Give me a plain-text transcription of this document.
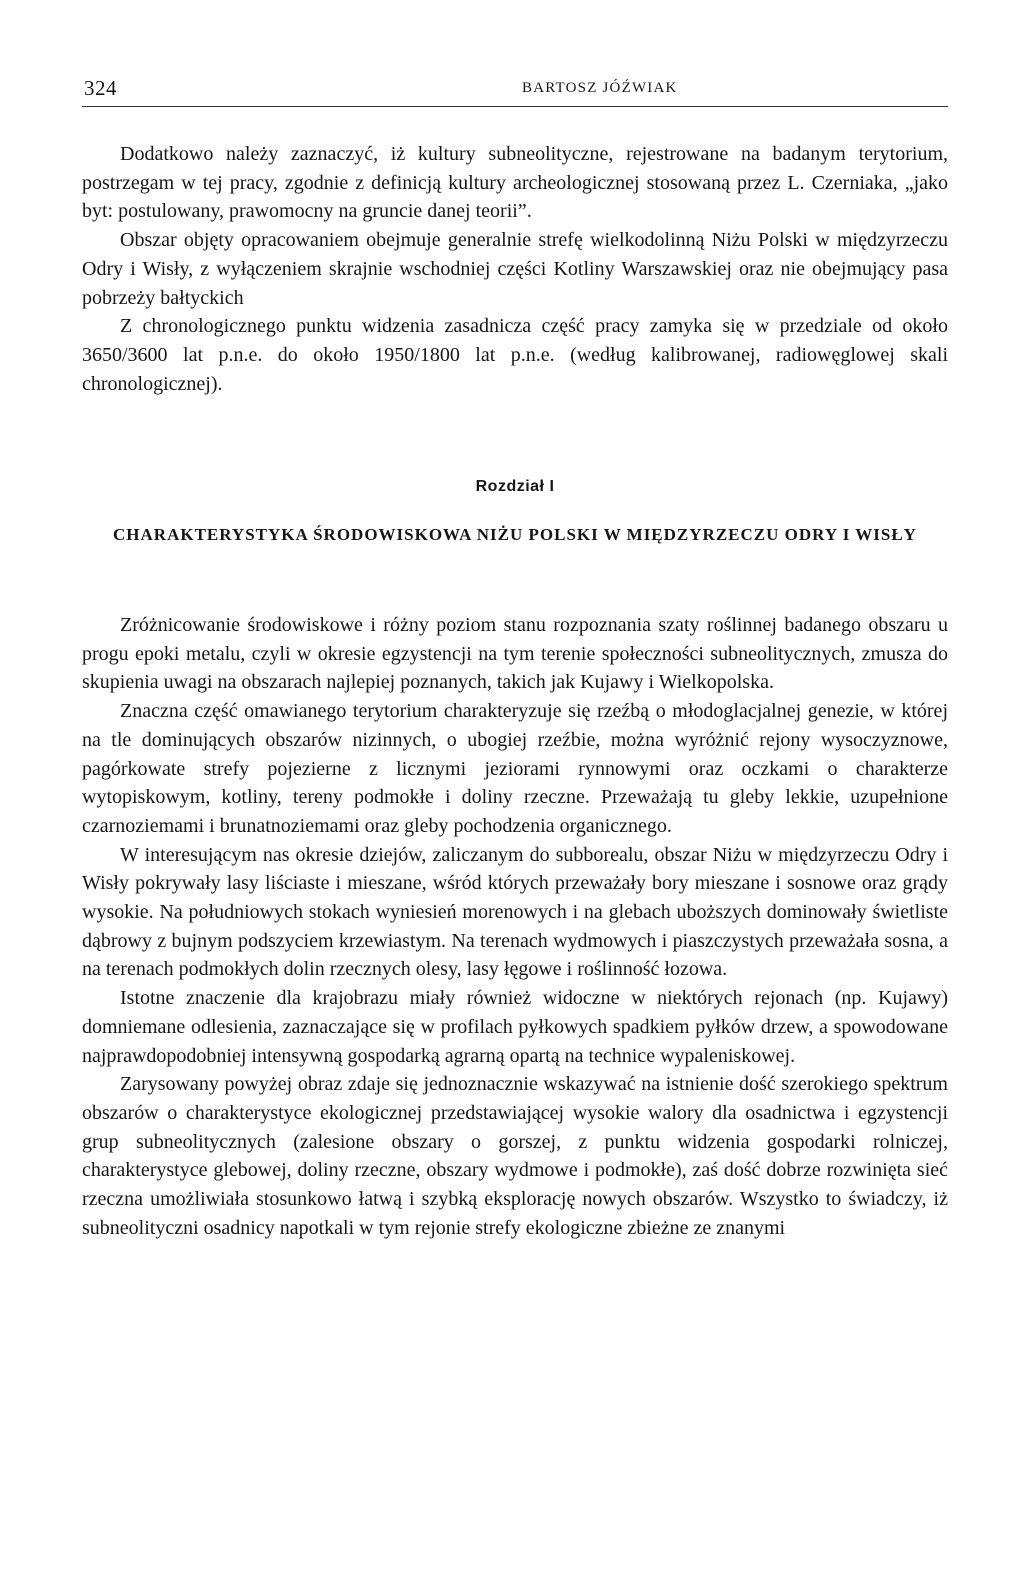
324	BARTOSZ JÓŹWIAK

Dodatkowo należy zaznaczyć, iż kultury subneolityczne, rejestrowane na badanym terytorium, postrzegam w tej pracy, zgodnie z definicją kultury archeologicznej stosowaną przez L. Czerniaka, „jako byt: postulowany, prawomocny na gruncie danej teorii”.

Obszar objęty opracowaniem obejmuje generalnie strefę wielkodolinną Niżu Polski w międzyrzeczu Odry i Wisły, z wyłączeniem skrajnie wschodniej części Kotliny Warszawskiej oraz nie obejmujący pasa pobrzeży bałtyckich

Z chronologicznego punktu widzenia zasadnicza część pracy zamyka się w przedziale od około 3650/3600 lat p.n.e. do około 1950/1800 lat p.n.e. (według kalibrowanej, radiowęglowej skali chronologicznej).

Rozdział I

CHARAKTERYSTYKA ŚRODOWISKOWA NIŻU POLSKI W MIĘDZYRZECZU ODRY I WISŁY

Zróżnicowanie środowiskowe i różny poziom stanu rozpoznania szaty roślinnej badanego obszaru u progu epoki metalu, czyli w okresie egzystencji na tym terenie społeczności subneolitycznych, zmusza do skupienia uwagi na obszarach najlepiej poznanych, takich jak Kujawy i Wielkopolska.

Znaczna część omawianego terytorium charakteryzuje się rzeźbą o młodoglacjalnej genezie, w której na tle dominujących obszarów nizinnych, o ubogiej rzeźbie, można wyróżnić rejony wysoczyznowe, pagórkowate strefy pojezierne z licznymi jeziorami rynnowymi oraz oczkami o charakterze wytopiskowym, kotliny, tereny podmokłe i doliny rzeczne. Przeważają tu gleby lekkie, uzupełnione czarnoziemami i brunatnoziemami oraz gleby pochodzenia organicznego.

W interesującym nas okresie dziejów, zaliczanym do subborealu, obszar Niżu w międzyrzeczu Odry i Wisły pokrywały lasy liściaste i mieszane, wśród których przeważały bory mieszane i sosnowe oraz grądy wysokie. Na południowych stokach wyniesień morenowych i na glebach uboższych dominowały świetliste dąbrowy z bujnym podszyciem krzewiastym. Na terenach wydmowych i piaszczystych przeważała sosna, a na terenach podmokłych dolin rzecznych olesy, lasy łęgowe i roślinność łozowa.

Istotne znaczenie dla krajobrazu miały również widoczne w niektórych rejonach (np. Kujawy) domniemane odlesienia, zaznaczające się w profilach pyłkowych spadkiem pyłków drzew, a spowodowane najprawdopodobniej intensywną gospodarką agrarną opartą na technice wypaleniskowej.

Zarysowany powyżej obraz zdaje się jednoznacznie wskazywać na istnienie dość szerokiego spektrum obszarów o charakterystyce ekologicznej przedstawiającej wysokie walory dla osadnictwa i egzystencji grup subneolitycznych (zalesione obszary o gorszej, z punktu widzenia gospodarki rolniczej, charakterystyce glebowej, doliny rzeczne, obszary wydmowe i podmokłe), zaś dość dobrze rozwinięta sieć rzeczna umożliwiała stosunkowo łatwą i szybką eksplorację nowych obszarów. Wszystko to świadczy, iż subneolityczni osadnicy napotkali w tym rejonie strefy ekologiczne zbieżne ze znanymi
